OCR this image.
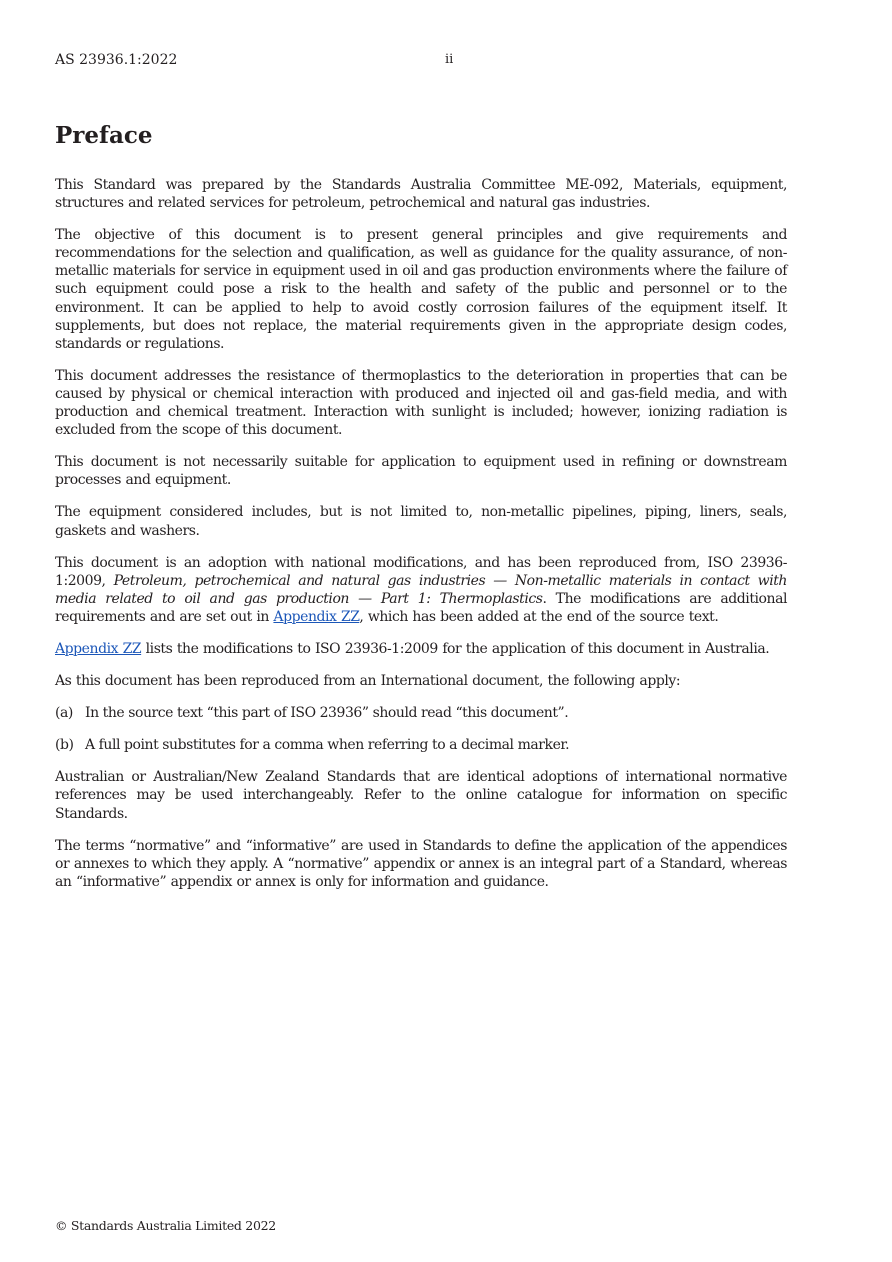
AS 23936.1:2022	ii
Preface

This Standard was prepared by the Standards Australia Committee ME-092, Materials, equipment, structures and related services for petroleum, petrochemical and natural gas industries.

The objective of this document is to present general principles and give requirements and recommendations for the selection and qualification, as well as guidance for the quality assurance, of non-metallic materials for service in equipment used in oil and gas production environments where the failure of such equipment could pose a risk to the health and safety of the public and personnel or to the environment. It can be applied to help to avoid costly corrosion failures of the equipment itself. It supplements, but does not replace, the material requirements given in the appropriate design codes, standards or regulations.

This document addresses the resistance of thermoplastics to the deterioration in properties that can be caused by physical or chemical interaction with produced and injected oil and gas-field media, and with production and chemical treatment. Interaction with sunlight is included; however, ionizing radiation is excluded from the scope of this document.

This document is not necessarily suitable for application to equipment used in refining or downstream processes and equipment.

The equipment considered includes, but is not limited to, non-metallic pipelines, piping, liners, seals, gaskets and washers.

This document is an adoption with national modifications, and has been reproduced from, ISO 23936-1:2009, Petroleum, petrochemical and natural gas industries — Non-metallic materials in contact with media related to oil and gas production — Part 1: Thermoplastics. The modifications are additional requirements and are set out in Appendix ZZ, which has been added at the end of the source text.

Appendix ZZ lists the modifications to ISO 23936-1:2009 for the application of this document in Australia.

As this document has been reproduced from an International document, the following apply:

(a) In the source text “this part of ISO 23936” should read “this document”.
(b) A full point substitutes for a comma when referring to a decimal marker.

Australian or Australian/New Zealand Standards that are identical adoptions of international normative references may be used interchangeably. Refer to the online catalogue for information on specific Standards.

The terms “normative” and “informative” are used in Standards to define the application of the appendices or annexes to which they apply. A “normative” appendix or annex is an integral part of a Standard, whereas an “informative” appendix or annex is only for information and guidance.

© Standards Australia Limited 2022
